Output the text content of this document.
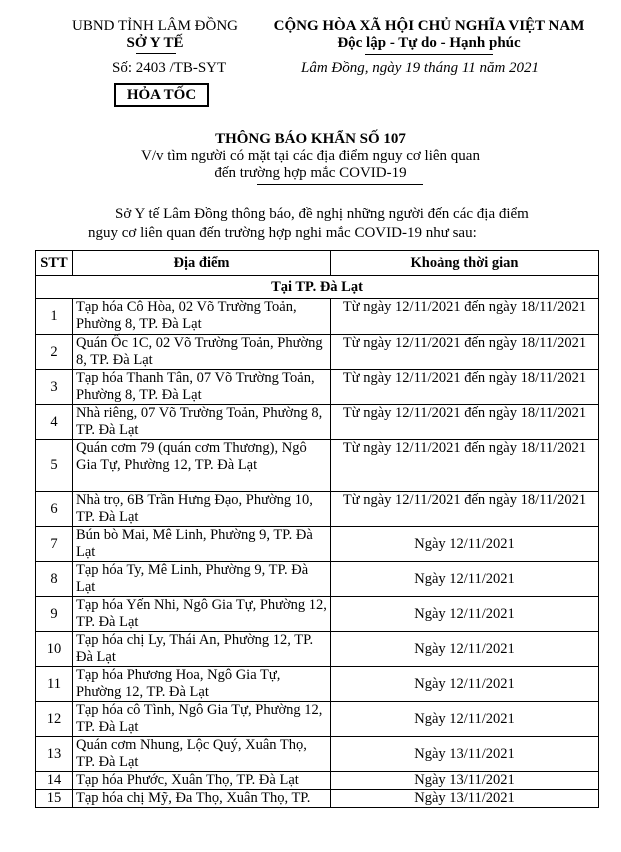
UBND TỈNH LÂM ĐỒNG
SỞ Y TẾ
Số: 2403 /TB-SYT
HỎA TỐC
CỘNG HÒA XÃ HỘI CHỦ NGHĨA VIỆT NAM
Độc lập - Tự do - Hạnh phúc
Lâm Đồng, ngày 19 tháng 11 năm 2021
THÔNG BÁO KHẨN SỐ 107
V/v tìm người có mặt tại các địa điểm nguy cơ liên quan
đến trường hợp mắc COVID-19
Sở Y tế Lâm Đồng thông báo, đề nghị những người đến các địa điểm
nguy cơ liên quan đến trường hợp nghi mắc COVID-19 như sau:
STT	Địa điểm	Khoảng thời gian
Tại TP. Đà Lạt		
1	Tạp hóa Cô Hòa, 02 Võ Trường Toản, Phường 8, TP. Đà Lạt	Từ ngày 12/11/2021 đến ngày 18/11/2021
2	Quán Ốc 1C, 02 Võ Trường Toản, Phường 8, TP. Đà Lạt	Từ ngày 12/11/2021 đến ngày 18/11/2021
3	Tạp hóa Thanh Tân, 07 Võ Trường Toản, Phường 8, TP. Đà Lạt	Từ ngày 12/11/2021 đến ngày 18/11/2021
4	Nhà riêng, 07 Võ Trường Toản, Phường 8, TP. Đà Lạt	Từ ngày 12/11/2021 đến ngày 18/11/2021
5	Quán cơm 79 (quán cơm Thương), Ngô Gia Tự, Phường 12, TP. Đà Lạt	Từ ngày 12/11/2021 đến ngày 18/11/2021
6	Nhà trọ, 6B Trần Hưng Đạo, Phường 10, TP. Đà Lạt	Từ ngày 12/11/2021 đến ngày 18/11/2021
7	Bún bò Mai, Mê Linh, Phường 9, TP. Đà Lạt	Ngày 12/11/2021
8	Tạp hóa Ty, Mê Linh, Phường 9, TP. Đà Lạt	Ngày 12/11/2021
9	Tạp hóa Yến Nhi, Ngô Gia Tự, Phường 12, TP. Đà Lạt	Ngày 12/11/2021
10	Tạp hóa chị Ly, Thái An, Phường 12, TP. Đà Lạt	Ngày 12/11/2021
11	Tạp hóa Phương Hoa, Ngô Gia Tự, Phường 12, TP. Đà Lạt	Ngày 12/11/2021
12	Tạp hóa cô Tình, Ngô Gia Tự, Phường 12, TP. Đà Lạt	Ngày 12/11/2021
13	Quán cơm Nhung, Lộc Quý, Xuân Thọ, TP. Đà Lạt	Ngày 13/11/2021
14	Tạp hóa Phước, Xuân Thọ, TP. Đà Lạt	Ngày 13/11/2021
15	Tạp hóa chị Mỹ, Đa Thọ, Xuân Thọ, TP.	Ngày 13/11/2021
